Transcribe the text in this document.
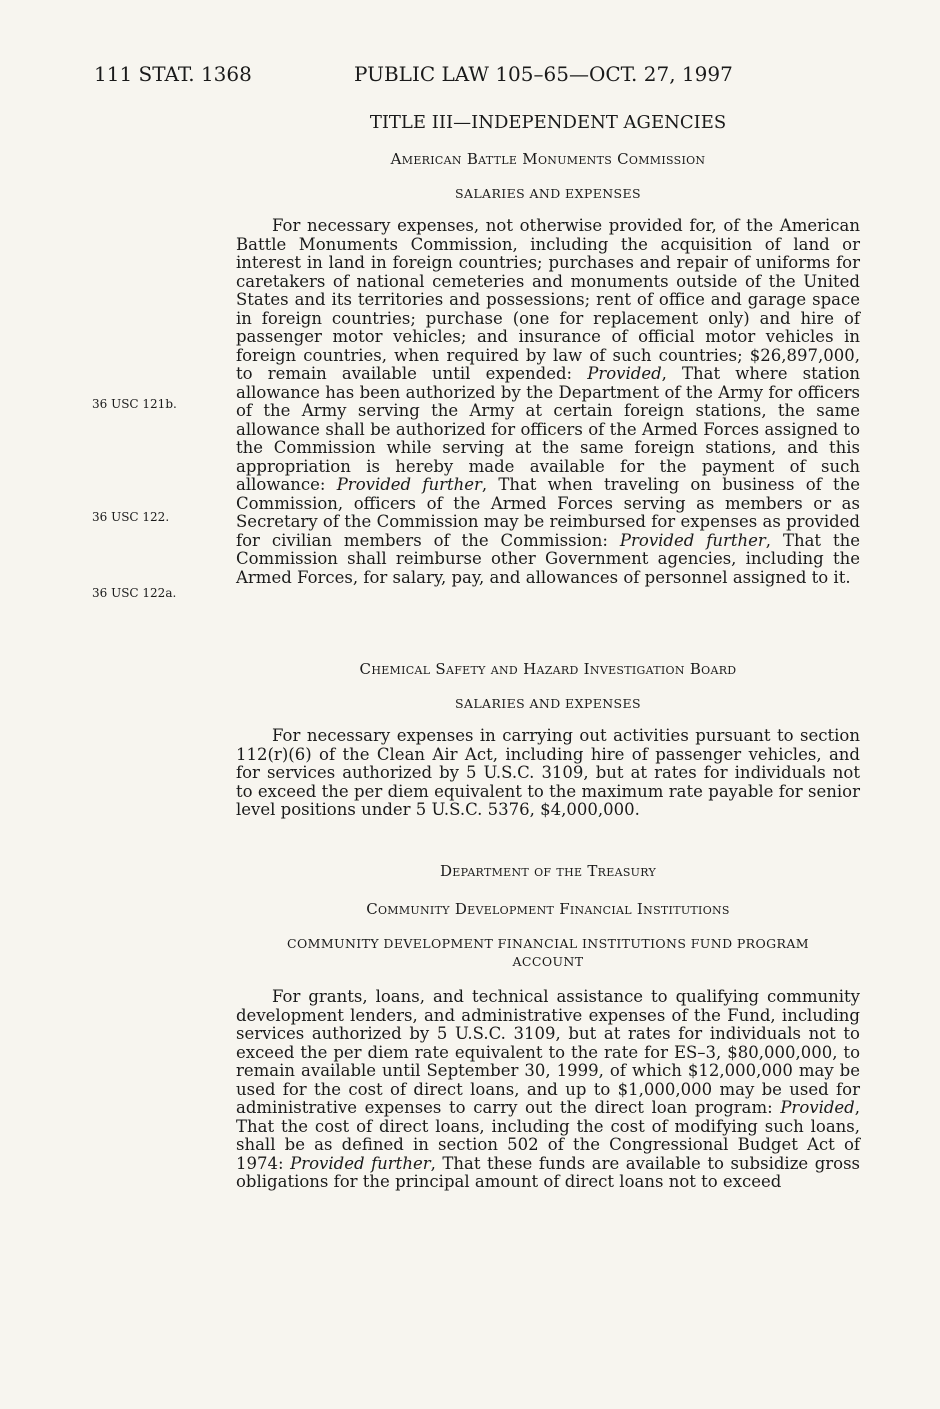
111 STAT. 1368	PUBLIC LAW 105–65—OCT. 27, 1997
TITLE III—INDEPENDENT AGENCIES
American Battle Monuments Commission
SALARIES AND EXPENSES

For necessary expenses, not otherwise provided for, of the American Battle Monuments Commission, including the acquisition of land or interest in land in foreign countries; purchases and repair of uniforms for caretakers of national cemeteries and monuments outside of the United States and its territories and possessions; rent of office and garage space in foreign countries; purchase (one for replacement only) and hire of passenger motor vehicles; and insurance of official motor vehicles in foreign countries, when required by law of such countries; $26,897,000, to remain available until expended: Provided, That where station allowance has been authorized by the Department of the Army for officers of the Army serving the Army at certain foreign stations, the same allowance shall be authorized for officers of the Armed Forces assigned to the Commission while serving at the same foreign stations, and this appropriation is hereby made available for the payment of such allowance: Provided further, That when traveling on business of the Commission, officers of the Armed Forces serving as members or as Secretary of the Commission may be reimbursed for expenses as provided for civilian members of the Commission: Provided further, That the Commission shall reimburse other Government agencies, including the Armed Forces, for salary, pay, and allowances of personnel assigned to it.

36 USC 121b.
36 USC 122.
36 USC 122a.
Chemical Safety and Hazard Investigation Board
SALARIES AND EXPENSES

For necessary expenses in carrying out activities pursuant to section 112(r)(6) of the Clean Air Act, including hire of passenger vehicles, and for services authorized by 5 U.S.C. 3109, but at rates for individuals not to exceed the per diem equivalent to the maximum rate payable for senior level positions under 5 U.S.C. 5376, $4,000,000.

Department of the Treasury
Community Development Financial Institutions
COMMUNITY DEVELOPMENT FINANCIAL INSTITUTIONS FUND PROGRAM ACCOUNT

For grants, loans, and technical assistance to qualifying community development lenders, and administrative expenses of the Fund, including services authorized by 5 U.S.C. 3109, but at rates for individuals not to exceed the per diem rate equivalent to the rate for ES–3, $80,000,000, to remain available until September 30, 1999, of which $12,000,000 may be used for the cost of direct loans, and up to $1,000,000 may be used for administrative expenses to carry out the direct loan program: Provided, That the cost of direct loans, including the cost of modifying such loans, shall be as defined in section 502 of the Congressional Budget Act of 1974: Provided further, That these funds are available to subsidize gross obligations for the principal amount of direct loans not to exceed
